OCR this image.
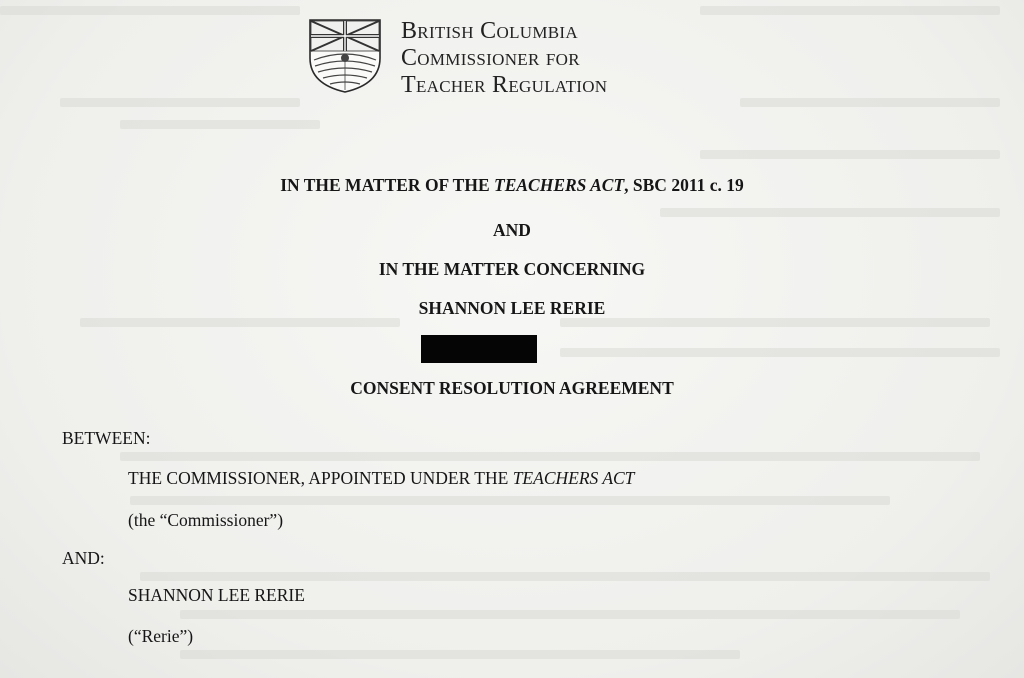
British Columbia
Commissioner for
Teacher Regulation
IN THE MATTER OF THE TEACHERS ACT, SBC 2011 c. 19
AND
IN THE MATTER CONCERNING
SHANNON LEE RERIE
CONSENT RESOLUTION AGREEMENT
BETWEEN:
THE COMMISSIONER, APPOINTED UNDER THE TEACHERS ACT
(the “Commissioner”)
AND:
SHANNON LEE RERIE
(“Rerie”)
